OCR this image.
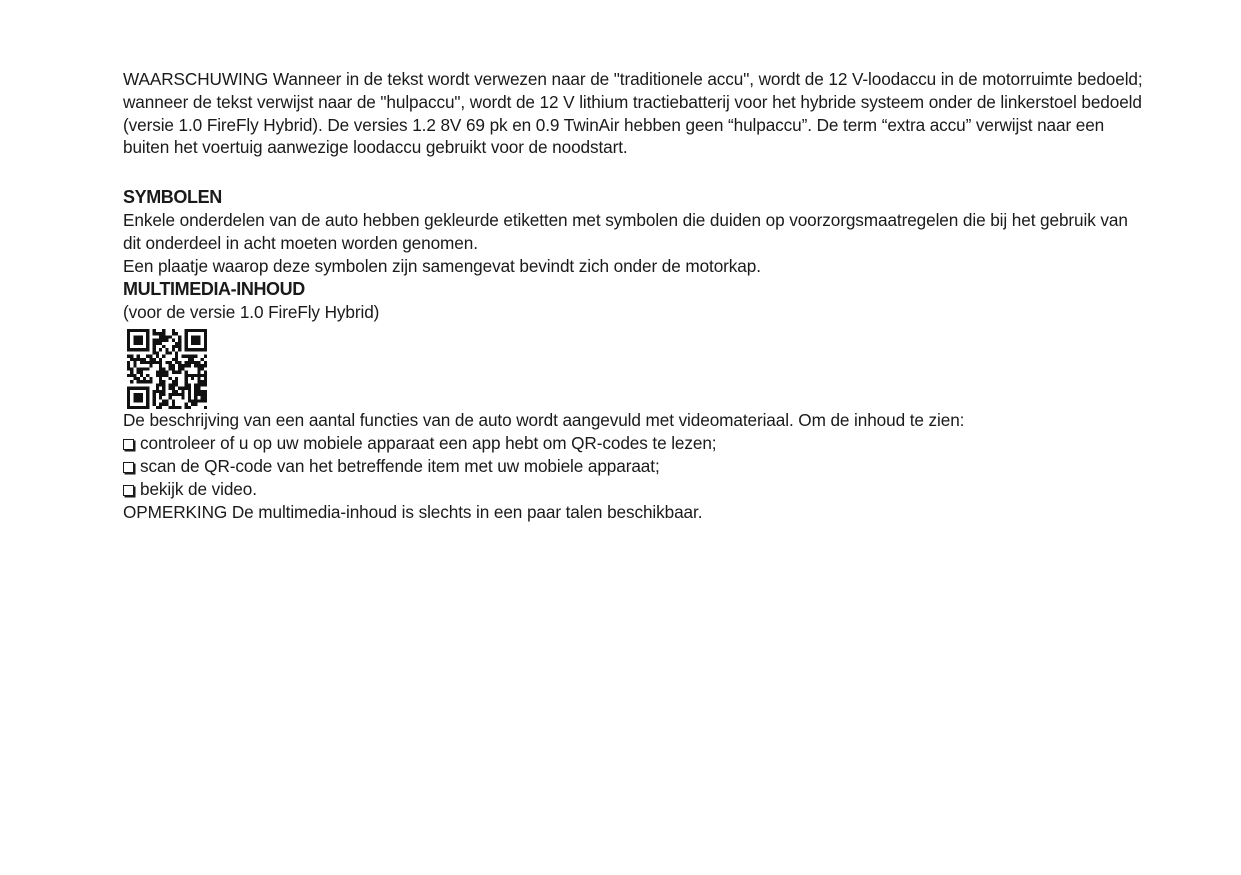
WAARSCHUWING Wanneer in de tekst wordt verwezen naar de "traditionele accu", wordt de 12 V-loodaccu in de motorruimte bedoeld; wanneer de tekst verwijst naar de "hulpaccu", wordt de 12 V lithium tractiebatterij voor het hybride systeem onder de linkerstoel bedoeld (versie 1.0 FireFly Hybrid). De versies 1.2 8V 69 pk en 0.9 TwinAir hebben geen “hulpaccu”. De term “extra accu” verwijst naar een buiten het voertuig aanwezige loodaccu gebruikt voor de noodstart.

SYMBOLEN

Enkele onderdelen van de auto hebben gekleurde etiketten met symbolen die duiden op voorzorgsmaatregelen die bij het gebruik van dit onderdeel in acht moeten worden genomen.

Een plaatje waarop deze symbolen zijn samengevat bevindt zich onder de motorkap.

MULTIMEDIA-INHOUD

(voor de versie 1.0 FireFly Hybrid)

De beschrijving van een aantal functies van de auto wordt aangevuld met videomateriaal. Om de inhoud te zien:

controleer of u op uw mobiele apparaat een app hebt om QR-codes te lezen;
scan de QR-code van het betreffende item met uw mobiele apparaat;
bekijk de video.

OPMERKING De multimedia-inhoud is slechts in een paar talen beschikbaar.
